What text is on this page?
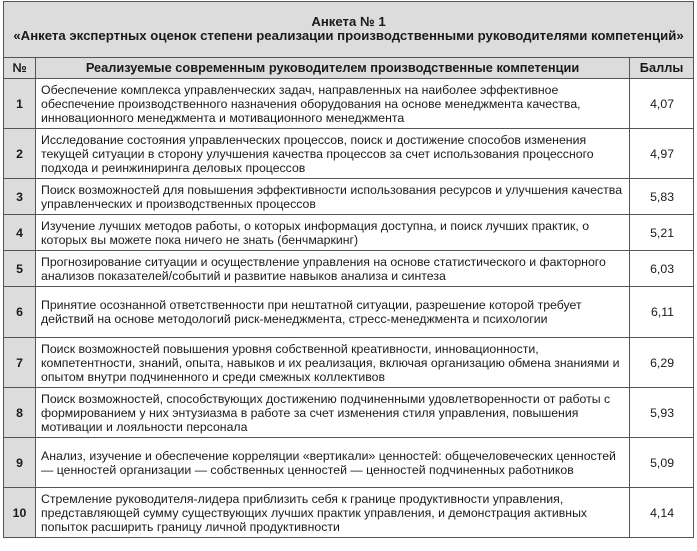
Анкета № 1
«Анкета экспертных оценок степени реализации производственными руководителями компетенций»		

№	Реализуемые современным руководителем производственные компетенции	Баллы
1	Обеспечение комплекса управленческих задач, направленных на наиболее эффективное обеспечение производственного назначения оборудования на основе менеджмента качества, инновационного менеджмента и мотивационного менеджмента	4,07
2	Исследование состояния управленческих процессов, поиск и достижение способов изменения текущей ситуации в сторону улучшения качества процессов за счет использования процессного подхода и реинжиниринга деловых процессов	4,97
3	Поиск возможностей для повышения эффективности использования ресурсов и улучшения качества управленческих и производственных процессов	5,83
4	Изучение лучших методов работы, о которых информация доступна, и поиск лучших практик, о которых вы можете пока ничего не знать (бенчмаркинг)	5,21
5	Прогнозирование ситуации и осуществление управления на основе статистического и факторного анализов показателей/событий и развитие навыков анализа и синтеза	6,03
6	Принятие осознанной ответственности при нештатной ситуации, разрешение которой требует действий на основе методологий риск-менеджмента, стресс-менеджмента и психологии	6,11
7	Поиск возможностей повышения уровня собственной креативности, инновационности, компетентности, знаний, опыта, навыков и их реализация, включая организацию обмена знаниями и опытом внутри подчиненного и среди смежных коллективов	6,29
8	Поиск возможностей, способствующих достижению подчиненными удовлетворенности от работы с формированием у них энтузиазма в работе за счет изменения стиля управления, повышения мотивации и лояльности персонала	5,93
9	Анализ, изучение и обеспечение корреляции «вертикали» ценностей: общечеловеческих ценностей — ценностей организации — собственных ценностей — ценностей подчиненных работников	5,09
10	Стремление руководителя-лидера приблизить себя к границе продуктивности управления, представляющей сумму существующих лучших практик управления, и демонстрация активных попыток расширить границу личной продуктивности	4,14
